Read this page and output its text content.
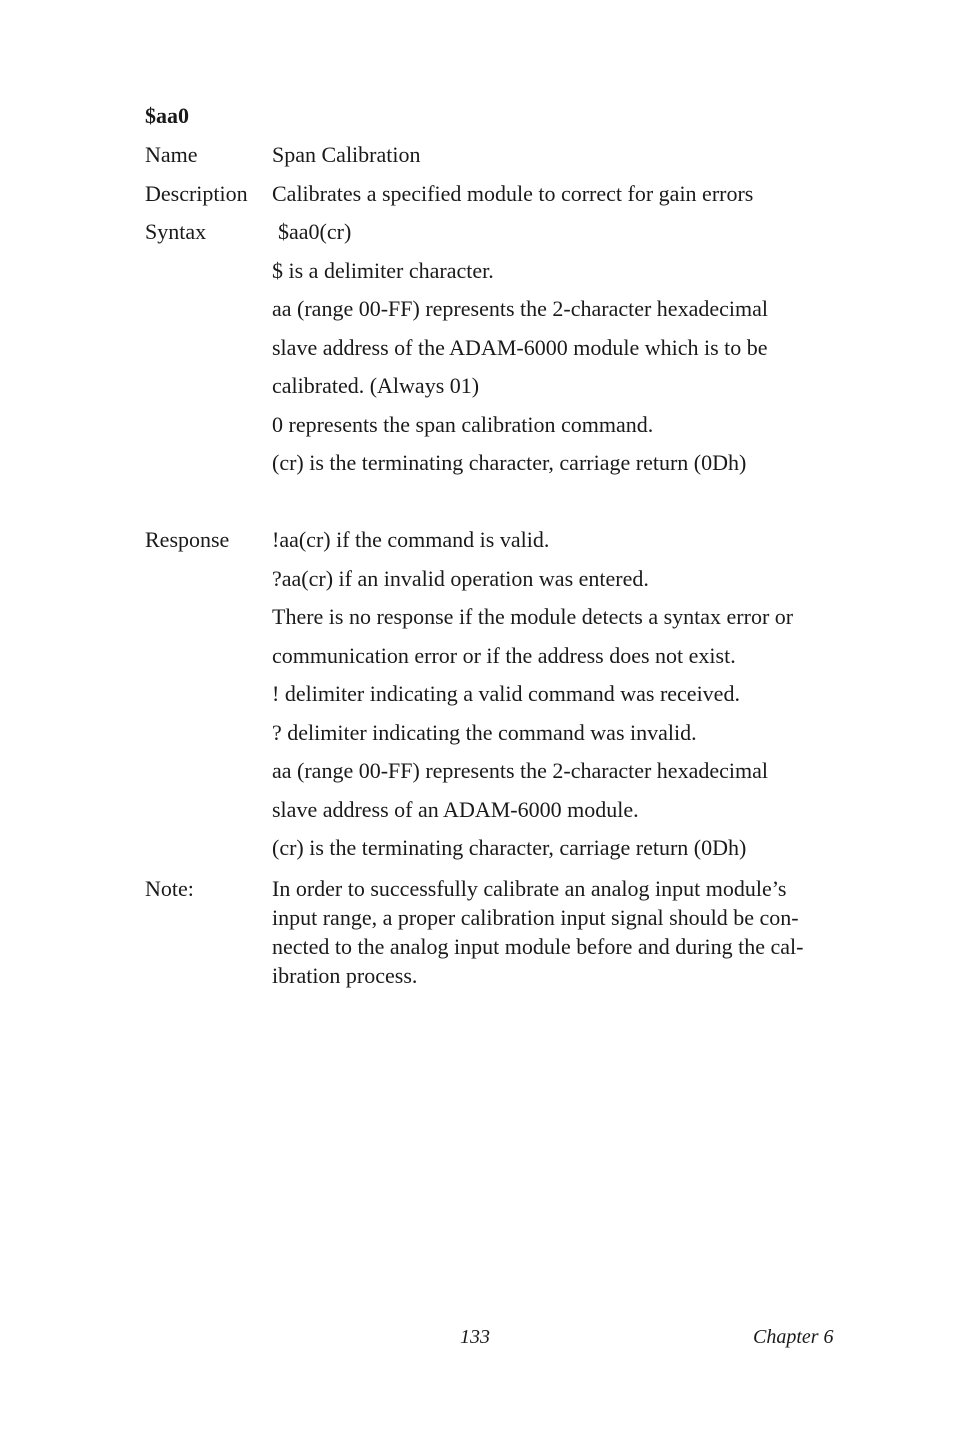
$aa0
Name	Span Calibration
Description	Calibrates a specified module to correct for gain errors
Syntax	$aa0(cr)
$ is a delimiter character.
aa (range 00-FF) represents the 2-character hexadecimal
slave address of the ADAM-6000 module which is to be
calibrated. (Always 01)
0 represents the span calibration command.
(cr) is the terminating character, carriage return (0Dh)
Response	!aa(cr) if the command is valid.
?aa(cr) if an invalid operation was entered.
There is no response if the module detects a syntax error or
communication error or if the address does not exist.
! delimiter indicating a valid command was received.
? delimiter indicating the command was invalid.
aa (range 00-FF) represents the 2-character hexadecimal
slave address of an ADAM-6000 module.
(cr) is the terminating character, carriage return (0Dh)
Note:	In order to successfully calibrate an analog input module’s
input range, a proper calibration input signal should be con-
nected to the analog input module before and during the cal-
ibration process.
133	Chapter 6
